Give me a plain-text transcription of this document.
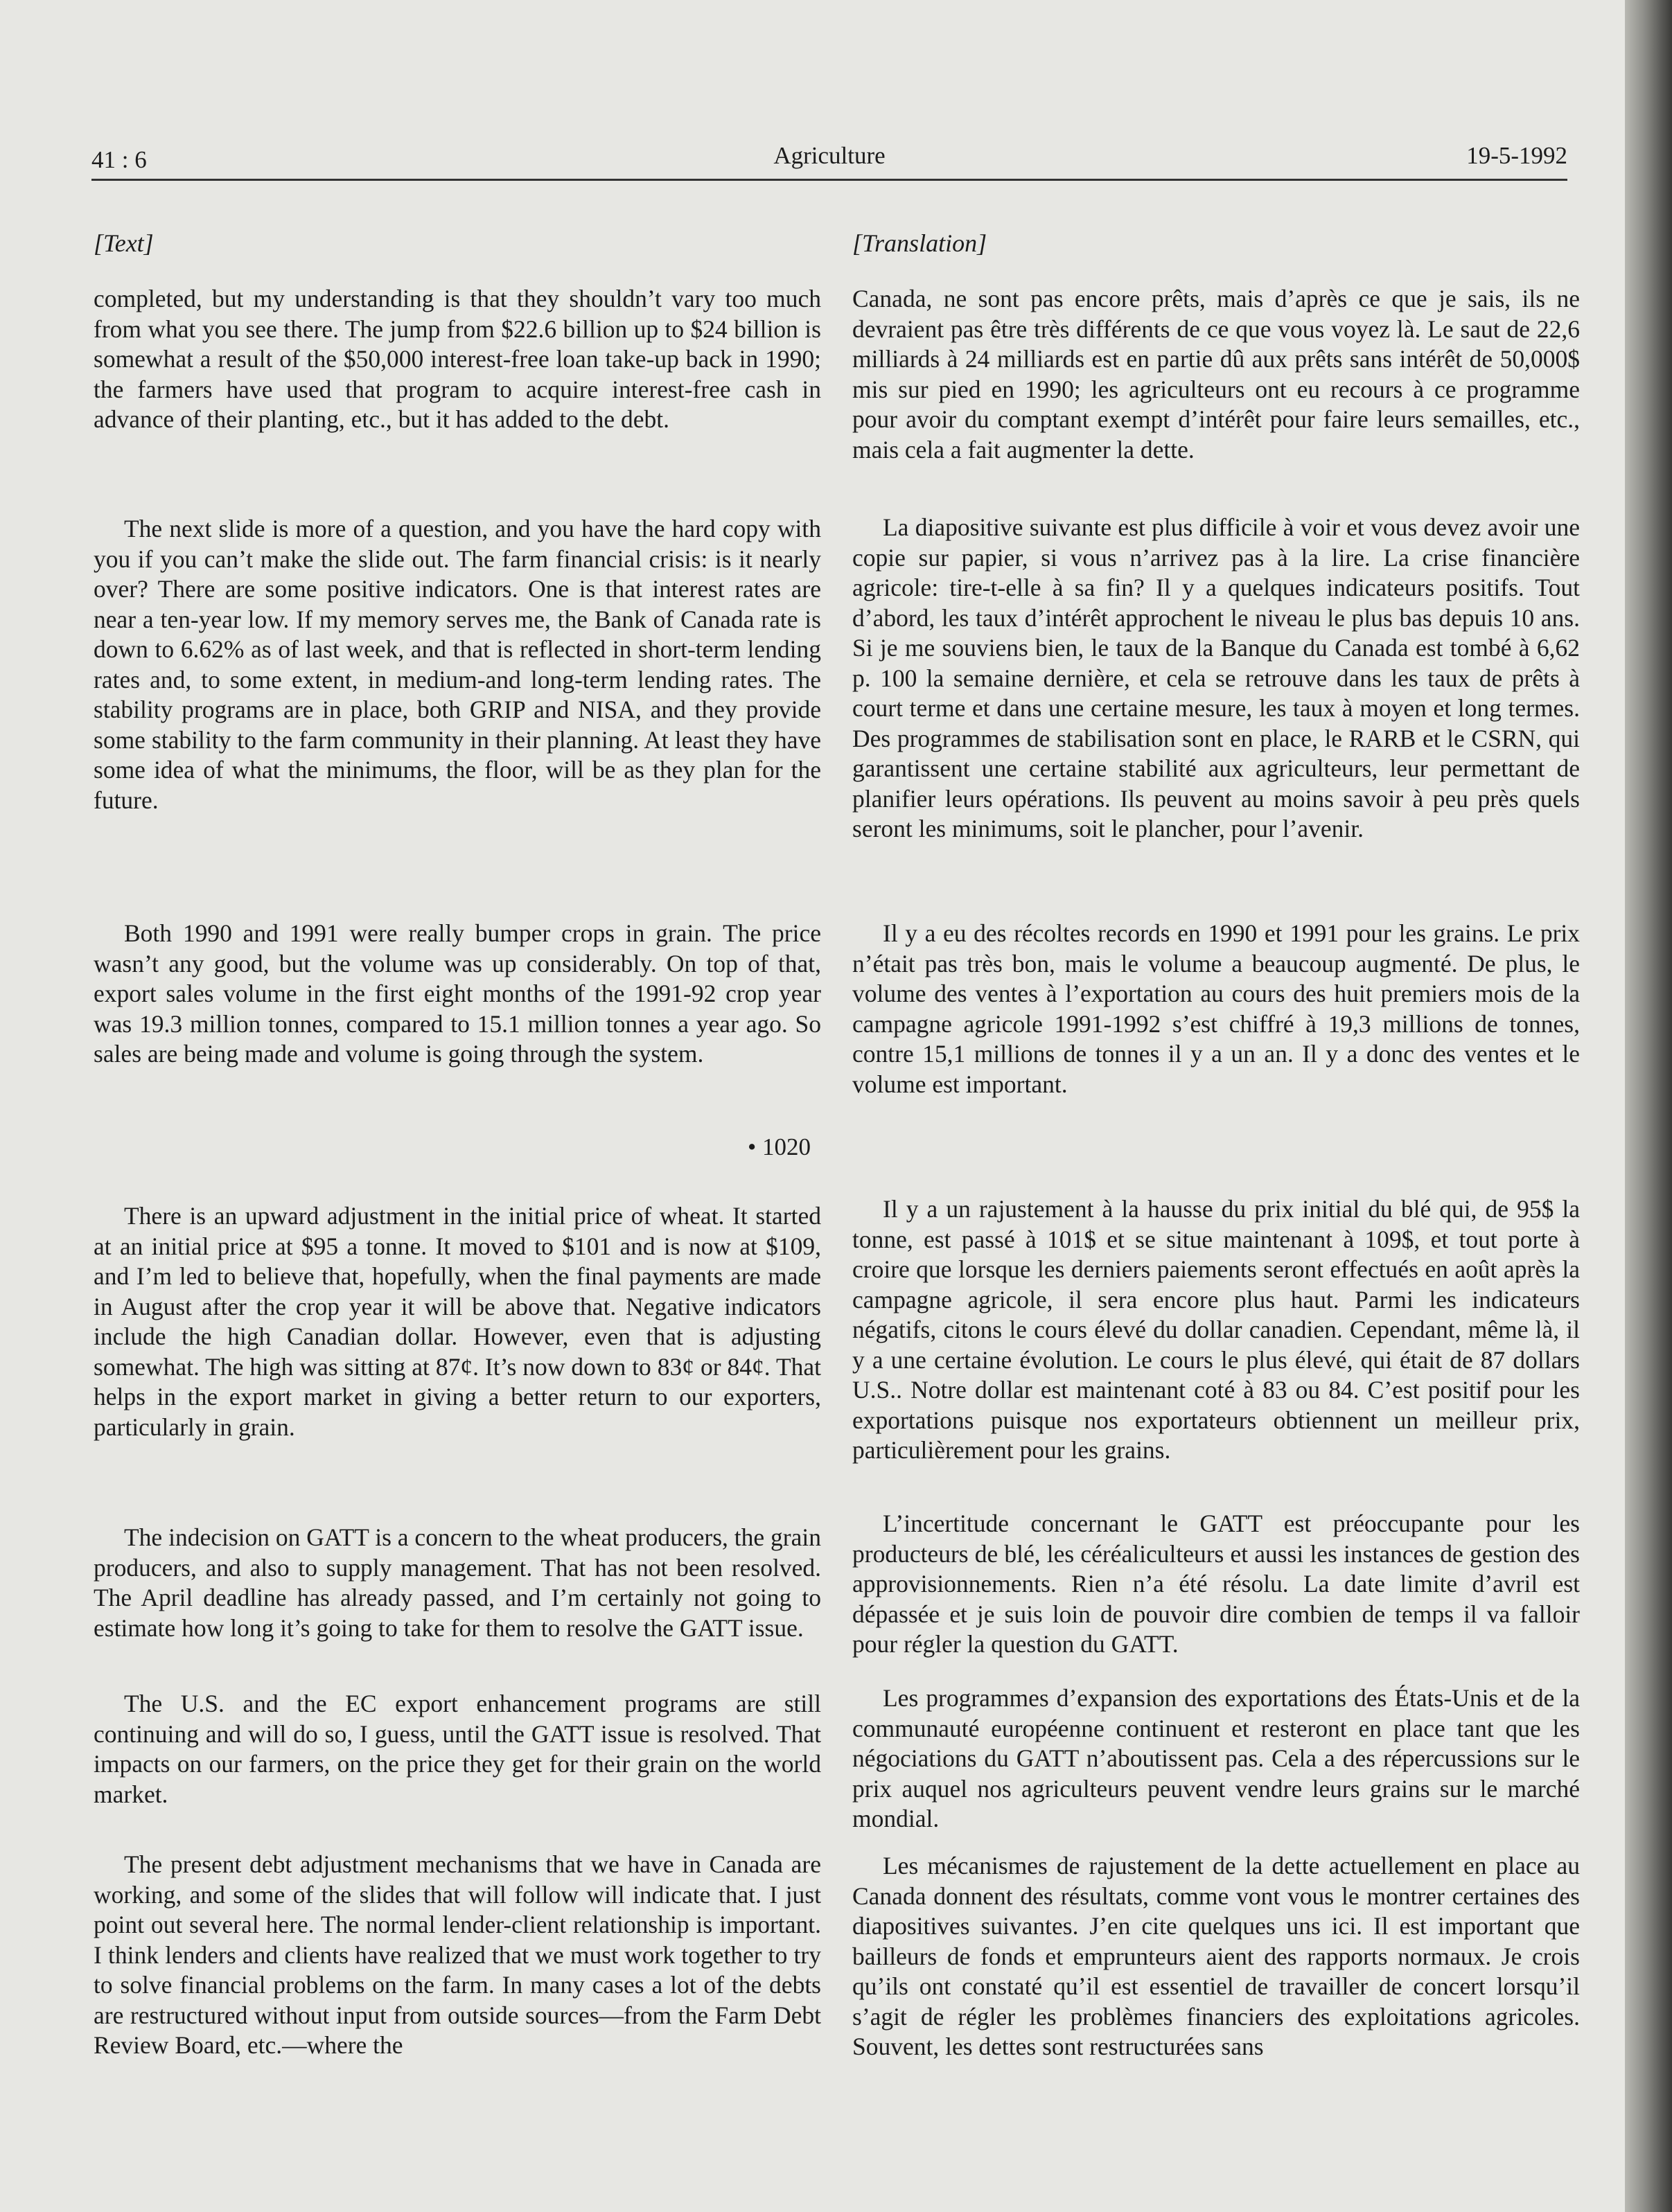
41 : 6	Agriculture	19-5-1992
[Text]
completed, but my understanding is that they shouldn’t vary too much from what you see there. The jump from $22.6 billion up to $24 billion is somewhat a result of the $50,000 interest-free loan take-up back in 1990; the farmers have used that program to acquire interest-free cash in advance of their planting, etc., but it has added to the debt.
The next slide is more of a question, and you have the hard copy with you if you can’t make the slide out. The farm financial crisis: is it nearly over? There are some positive indicators. One is that interest rates are near a ten-year low. If my memory serves me, the Bank of Canada rate is down to 6.62% as of last week, and that is reflected in short-term lending rates and, to some extent, in medium-and long-term lending rates. The stability programs are in place, both GRIP and NISA, and they provide some stability to the farm community in their planning. At least they have some idea of what the minimums, the floor, will be as they plan for the future.
Both 1990 and 1991 were really bumper crops in grain. The price wasn’t any good, but the volume was up considerably. On top of that, export sales volume in the first eight months of the 1991-92 crop year was 19.3 million tonnes, compared to 15.1 million tonnes a year ago. So sales are being made and volume is going through the system.
• 1020
There is an upward adjustment in the initial price of wheat. It started at an initial price at $95 a tonne. It moved to $101 and is now at $109, and I’m led to believe that, hopefully, when the final payments are made in August after the crop year it will be above that. Negative indicators include the high Canadian dollar. However, even that is adjusting somewhat. The high was sitting at 87¢. It’s now down to 83¢ or 84¢. That helps in the export market in giving a better return to our exporters, particularly in grain.
The indecision on GATT is a concern to the wheat producers, the grain producers, and also to supply management. That has not been resolved. The April deadline has already passed, and I’m certainly not going to estimate how long it’s going to take for them to resolve the GATT issue.
The U.S. and the EC export enhancement programs are still continuing and will do so, I guess, until the GATT issue is resolved. That impacts on our farmers, on the price they get for their grain on the world market.
The present debt adjustment mechanisms that we have in Canada are working, and some of the slides that will follow will indicate that. I just point out several here. The normal lender-client relationship is important. I think lenders and clients have realized that we must work together to try to solve financial problems on the farm. In many cases a lot of the debts are restructured without input from outside sources—from the Farm Debt Review Board, etc.—where the
[Translation]
Canada, ne sont pas encore prêts, mais d’après ce que je sais, ils ne devraient pas être très différents de ce que vous voyez là. Le saut de 22,6 milliards à 24 milliards est en partie dû aux prêts sans intérêt de 50,000$ mis sur pied en 1990; les agriculteurs ont eu recours à ce programme pour avoir du comptant exempt d’intérêt pour faire leurs semailles, etc., mais cela a fait augmenter la dette.
La diapositive suivante est plus difficile à voir et vous devez avoir une copie sur papier, si vous n’arrivez pas à la lire. La crise financière agricole: tire-t-elle à sa fin? Il y a quelques indicateurs positifs. Tout d’abord, les taux d’intérêt approchent le niveau le plus bas depuis 10 ans. Si je me souviens bien, le taux de la Banque du Canada est tombé à 6,62 p. 100 la semaine dernière, et cela se retrouve dans les taux de prêts à court terme et dans une certaine mesure, les taux à moyen et long termes. Des programmes de stabilisation sont en place, le RARB et le CSRN, qui garantissent une certaine stabilité aux agriculteurs, leur permettant de planifier leurs opérations. Ils peuvent au moins savoir à peu près quels seront les minimums, soit le plancher, pour l’avenir.
Il y a eu des récoltes records en 1990 et 1991 pour les grains. Le prix n’était pas très bon, mais le volume a beaucoup augmenté. De plus, le volume des ventes à l’exportation au cours des huit premiers mois de la campagne agricole 1991-1992 s’est chiffré à 19,3 millions de tonnes, contre 15,1 millions de tonnes il y a un an. Il y a donc des ventes et le volume est important.
Il y a un rajustement à la hausse du prix initial du blé qui, de 95$ la tonne, est passé à 101$ et se situe maintenant à 109$, et tout porte à croire que lorsque les derniers paiements seront effectués en août après la campagne agricole, il sera encore plus haut. Parmi les indicateurs négatifs, citons le cours élevé du dollar canadien. Cependant, même là, il y a une certaine évolution. Le cours le plus élevé, qui était de 87 dollars U.S.. Notre dollar est maintenant coté à 83 ou 84. C’est positif pour les exportations puisque nos exportateurs obtiennent un meilleur prix, particulièrement pour les grains.
L’incertitude concernant le GATT est préoccupante pour les producteurs de blé, les céréaliculteurs et aussi les instances de gestion des approvisionnements. Rien n’a été résolu. La date limite d’avril est dépassée et je suis loin de pouvoir dire combien de temps il va falloir pour régler la question du GATT.
Les programmes d’expansion des exportations des États-Unis et de la communauté européenne continuent et resteront en place tant que les négociations du GATT n’aboutissent pas. Cela a des répercussions sur le prix auquel nos agriculteurs peuvent vendre leurs grains sur le marché mondial.
Les mécanismes de rajustement de la dette actuellement en place au Canada donnent des résultats, comme vont vous le montrer certaines des diapositives suivantes. J’en cite quelques uns ici. Il est important que bailleurs de fonds et emprunteurs aient des rapports normaux. Je crois qu’ils ont constaté qu’il est essentiel de travailler de concert lorsqu’il s’agit de régler les problèmes financiers des exploitations agricoles. Souvent, les dettes sont restructurées sans
